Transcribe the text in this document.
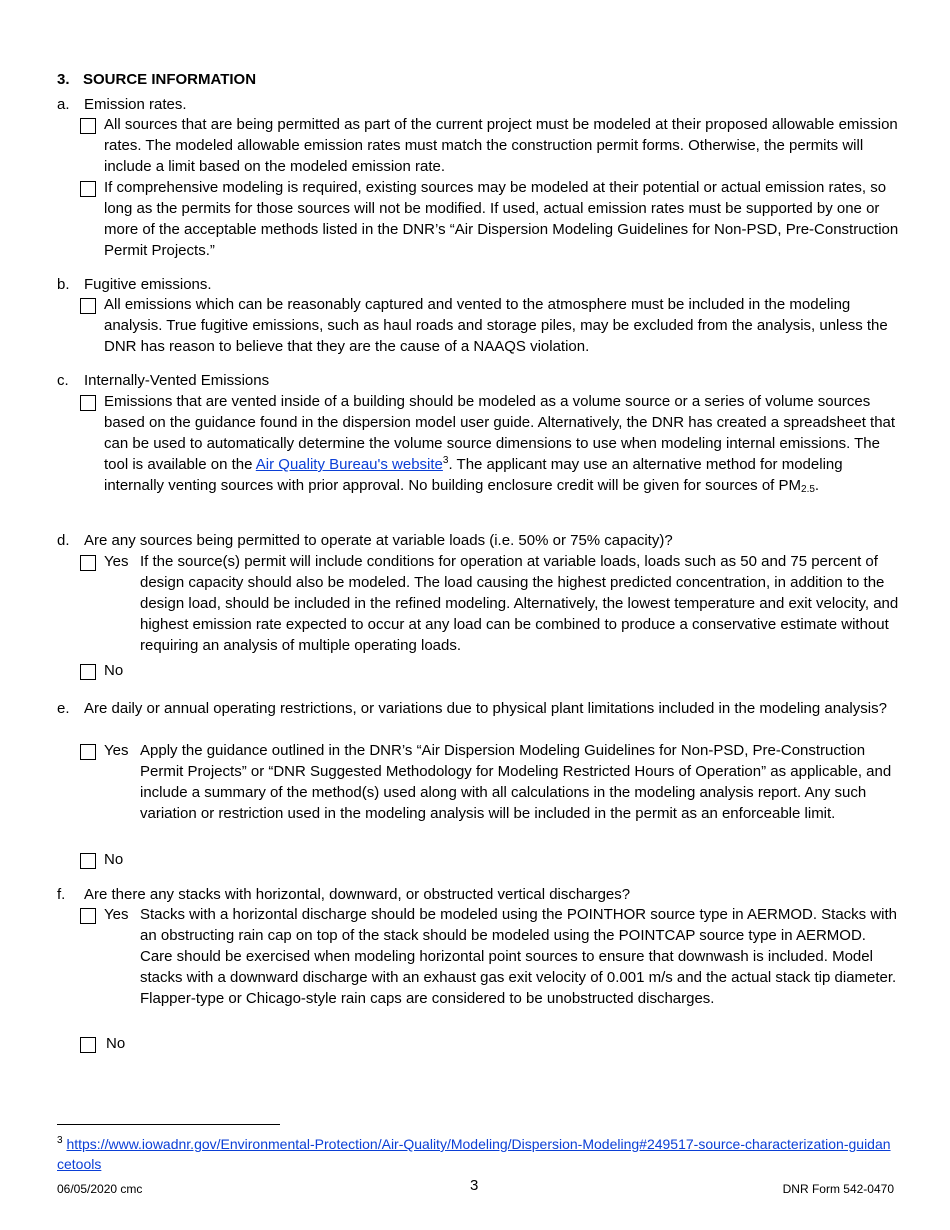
3. SOURCE INFORMATION
a. Emission rates.
All sources that are being permitted as part of the current project must be modeled at their proposed allowable emission rates. The modeled allowable emission rates must match the construction permit forms. Otherwise, the permits will include a limit based on the modeled emission rate.
If comprehensive modeling is required, existing sources may be modeled at their potential or actual emission rates, so long as the permits for those sources will not be modified. If used, actual emission rates must be supported by one or more of the acceptable methods listed in the DNR’s “Air Dispersion Modeling Guidelines for Non-PSD, Pre-Construction Permit Projects.”
b. Fugitive emissions.
All emissions which can be reasonably captured and vented to the atmosphere must be included in the modeling analysis. True fugitive emissions, such as haul roads and storage piles, may be excluded from the analysis, unless the DNR has reason to believe that they are the cause of a NAAQS violation.
c. Internally-Vented Emissions
Emissions that are vented inside of a building should be modeled as a volume source or a series of volume sources based on the guidance found in the dispersion model user guide. Alternatively, the DNR has created a spreadsheet that can be used to automatically determine the volume source dimensions to use when modeling internal emissions. The tool is available on the Air Quality Bureau's website$^3$. The applicant may use an alternative method for modeling internally venting sources with prior approval. No building enclosure credit will be given for sources of $PM_{2.5}$.
d. Are any sources being permitted to operate at variable loads (i.e. 50% or 75% capacity)?
Yes If the source(s) permit will include conditions for operation at variable loads, loads such as 50 and 75 percent of design capacity should also be modeled. The load causing the highest predicted concentration, in addition to the design load, should be included in the refined modeling. Alternatively, the lowest temperature and exit velocity, and highest emission rate expected to occur at any load can be combined to produce a conservative estimate without requiring an analysis of multiple operating loads.
No
e. Are daily or annual operating restrictions, or variations due to physical plant limitations included in the modeling analysis?
Yes Apply the guidance outlined in the DNR’s “Air Dispersion Modeling Guidelines for Non-PSD, Pre-Construction Permit Projects” or “DNR Suggested Methodology for Modeling Restricted Hours of Operation” as applicable, and include a summary of the method(s) used along with all calculations in the modeling analysis report. Any such variation or restriction used in the modeling analysis will be included in the permit as an enforceable limit.
No
f. Are there any stacks with horizontal, downward, or obstructed vertical discharges?
Yes Stacks with a horizontal discharge should be modeled using the POINTHOR source type in AERMOD. Stacks with an obstructing rain cap on top of the stack should be modeled using the POINTCAP source type in AERMOD. Care should be exercised when modeling horizontal point sources to ensure that downwash is included. Model stacks with a downward discharge with an exhaust gas exit velocity of 0.001 m/s and the actual stack tip diameter. Flapper-type or Chicago-style rain caps are considered to be unobstructed discharges.
No
$^3$ https://www.iowadnr.gov/Environmental-Protection/Air-Quality/Modeling/Dispersion-Modeling#249517-source-characterization-guidancetools
06/05/2020 cmc	3	DNR Form 542-0470
